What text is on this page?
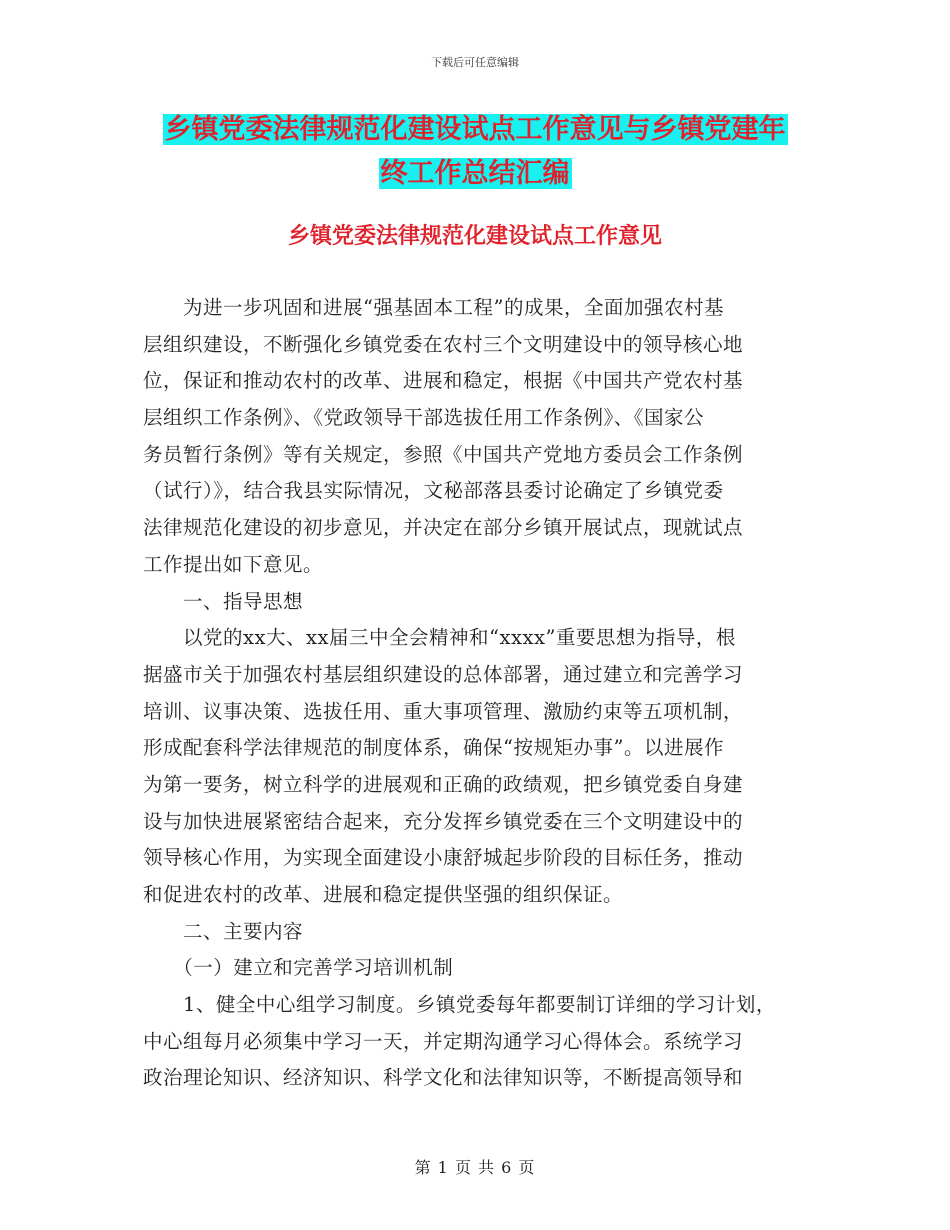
下载后可任意编辑
乡镇党委法律规范化建设试点工作意见与乡镇党建年
终工作总结汇编
乡镇党委法律规范化建设试点工作意见
　　为进一步巩固和进展“强基固本工程”的成果，全面加强农村基
层组织建设，不断强化乡镇党委在农村三个文明建设中的领导核心地
位，保证和推动农村的改革、进展和稳定，根据《中国共产党农村基
层组织工作条例》、《党政领导干部选拔任用工作条例》、《国家公
务员暂行条例》等有关规定，参照《中国共产党地方委员会工作条例
（试行）》，结合我县实际情况，文秘部落县委讨论确定了乡镇党委
法律规范化建设的初步意见，并决定在部分乡镇开展试点，现就试点
工作提出如下意见。
　　一、指导思想
　　以党的xx大、xx届三中全会精神和“xxxx”重要思想为指导，根
据盛市关于加强农村基层组织建设的总体部署，通过建立和完善学习
培训、议事决策、选拔任用、重大事项管理、激励约束等五项机制，
形成配套科学法律规范的制度体系，确保“按规矩办事”。以进展作
为第一要务，树立科学的进展观和正确的政绩观，把乡镇党委自身建
设与加快进展紧密结合起来，充分发挥乡镇党委在三个文明建设中的
领导核心作用，为实现全面建设小康舒城起步阶段的目标任务，推动
和促进农村的改革、进展和稳定提供坚强的组织保证。
　　二、主要内容
　　（一）建立和完善学习培训机制
　　1、健全中心组学习制度。乡镇党委每年都要制订详细的学习计划，
中心组每月必须集中学习一天，并定期沟通学习心得体会。系统学习
政治理论知识、经济知识、科学文化和法律知识等，不断提高领导和
第 1 页 共 6 页
